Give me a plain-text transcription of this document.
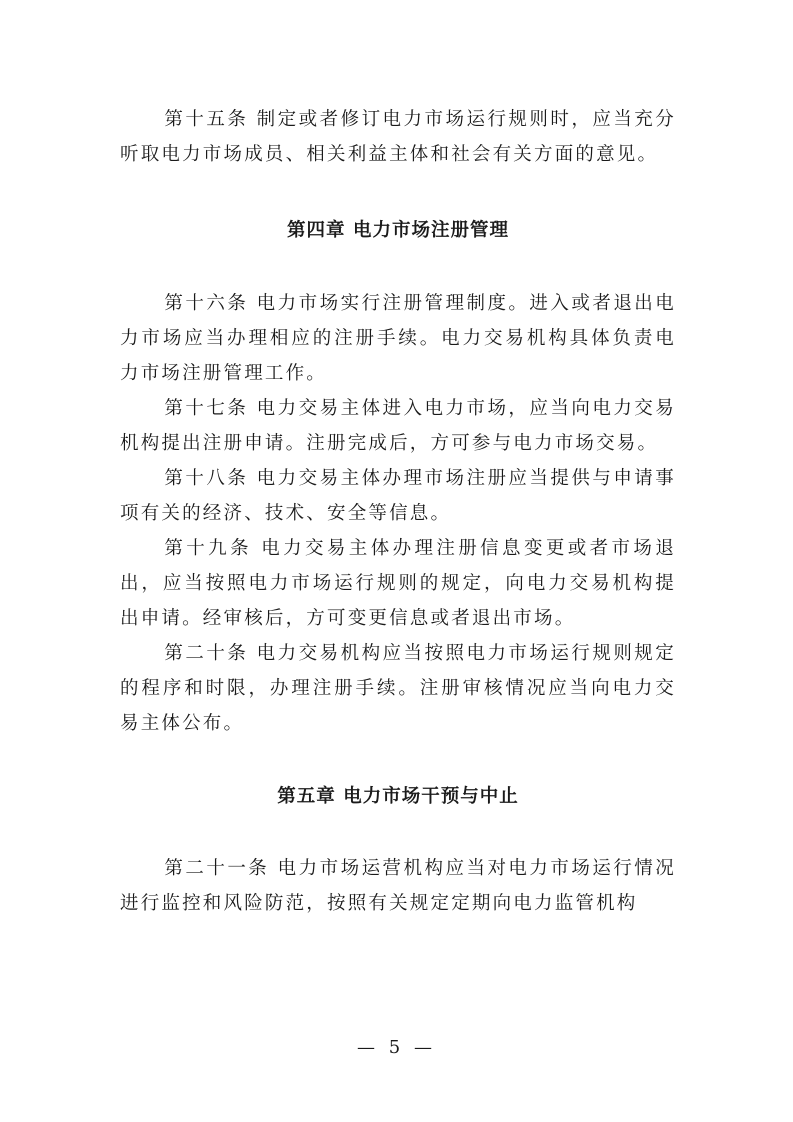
第十五条 制定或者修订电力市场运行规则时，应当充分听取电力市场成员、相关利益主体和社会有关方面的意见。

第四章 电力市场注册管理

第十六条 电力市场实行注册管理制度。进入或者退出电力市场应当办理相应的注册手续。电力交易机构具体负责电力市场注册管理工作。

第十七条 电力交易主体进入电力市场，应当向电力交易机构提出注册申请。注册完成后，方可参与电力市场交易。

第十八条 电力交易主体办理市场注册应当提供与申请事项有关的经济、技术、安全等信息。

第十九条 电力交易主体办理注册信息变更或者市场退出，应当按照电力市场运行规则的规定，向电力交易机构提出申请。经审核后，方可变更信息或者退出市场。

第二十条 电力交易机构应当按照电力市场运行规则规定的程序和时限，办理注册手续。注册审核情况应当向电力交易主体公布。

第五章 电力市场干预与中止

第二十一条 电力市场运营机构应当对电力市场运行情况进行监控和风险防范，按照有关规定定期向电力监管机构

— 5 —
